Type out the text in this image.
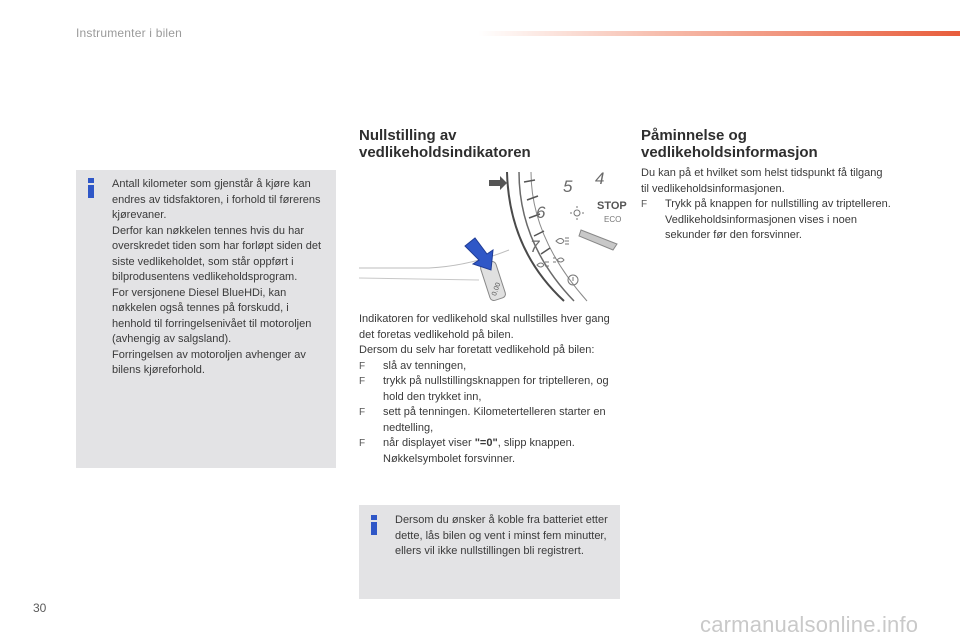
Instrumenter i bilen

Antall kilometer som gjenstår å kjøre kan endres av tidsfaktoren, i forhold til førerens kjørevaner.

Derfor kan nøkkelen tennes hvis du har overskredet tiden som har forløpt siden det siste vedlikeholdet, som står oppført i bilprodusentens vedlikeholdsprogram.

For versjonene Diesel BlueHDi, kan nøkkelen også tennes på forskudd, i henhold til forringelsenivået til motoroljen (avhengig av salgsland).

Forringelsen av motoroljen avhenger av bilens kjøreforhold.

Nullstilling av
vedlikeholdsindikatoren
4
5
6
7
STOP
ECO
0.00

Indikatoren for vedlikehold skal nullstilles hver gang det foretas vedlikehold på bilen.

Dersom du selv har foretatt vedlikehold på bilen:

F slå av tenningen,
F trykk på nullstillingsknappen for triptelleren, og hold den trykket inn,
F sett på tenningen. Kilometertelleren starter en nedtelling,
F når displayet viser "=0", slipp knappen.
Nøkkelsymbolet forsvinner.

Dersom du ønsker å koble fra batteriet etter dette, lås bilen og vent i minst fem minutter, ellers vil ikke nullstillingen bli registrert.

Påminnelse og
vedlikeholdsinformasjon

Du kan på et hvilket som helst tidspunkt få tilgang til vedlikeholdsinformasjonen.

F Trykk på knappen for nullstilling av triptelleren.
Vedlikeholdsinformasjonen vises i noen sekunder før den forsvinner.
30
carmanualsonline.info
